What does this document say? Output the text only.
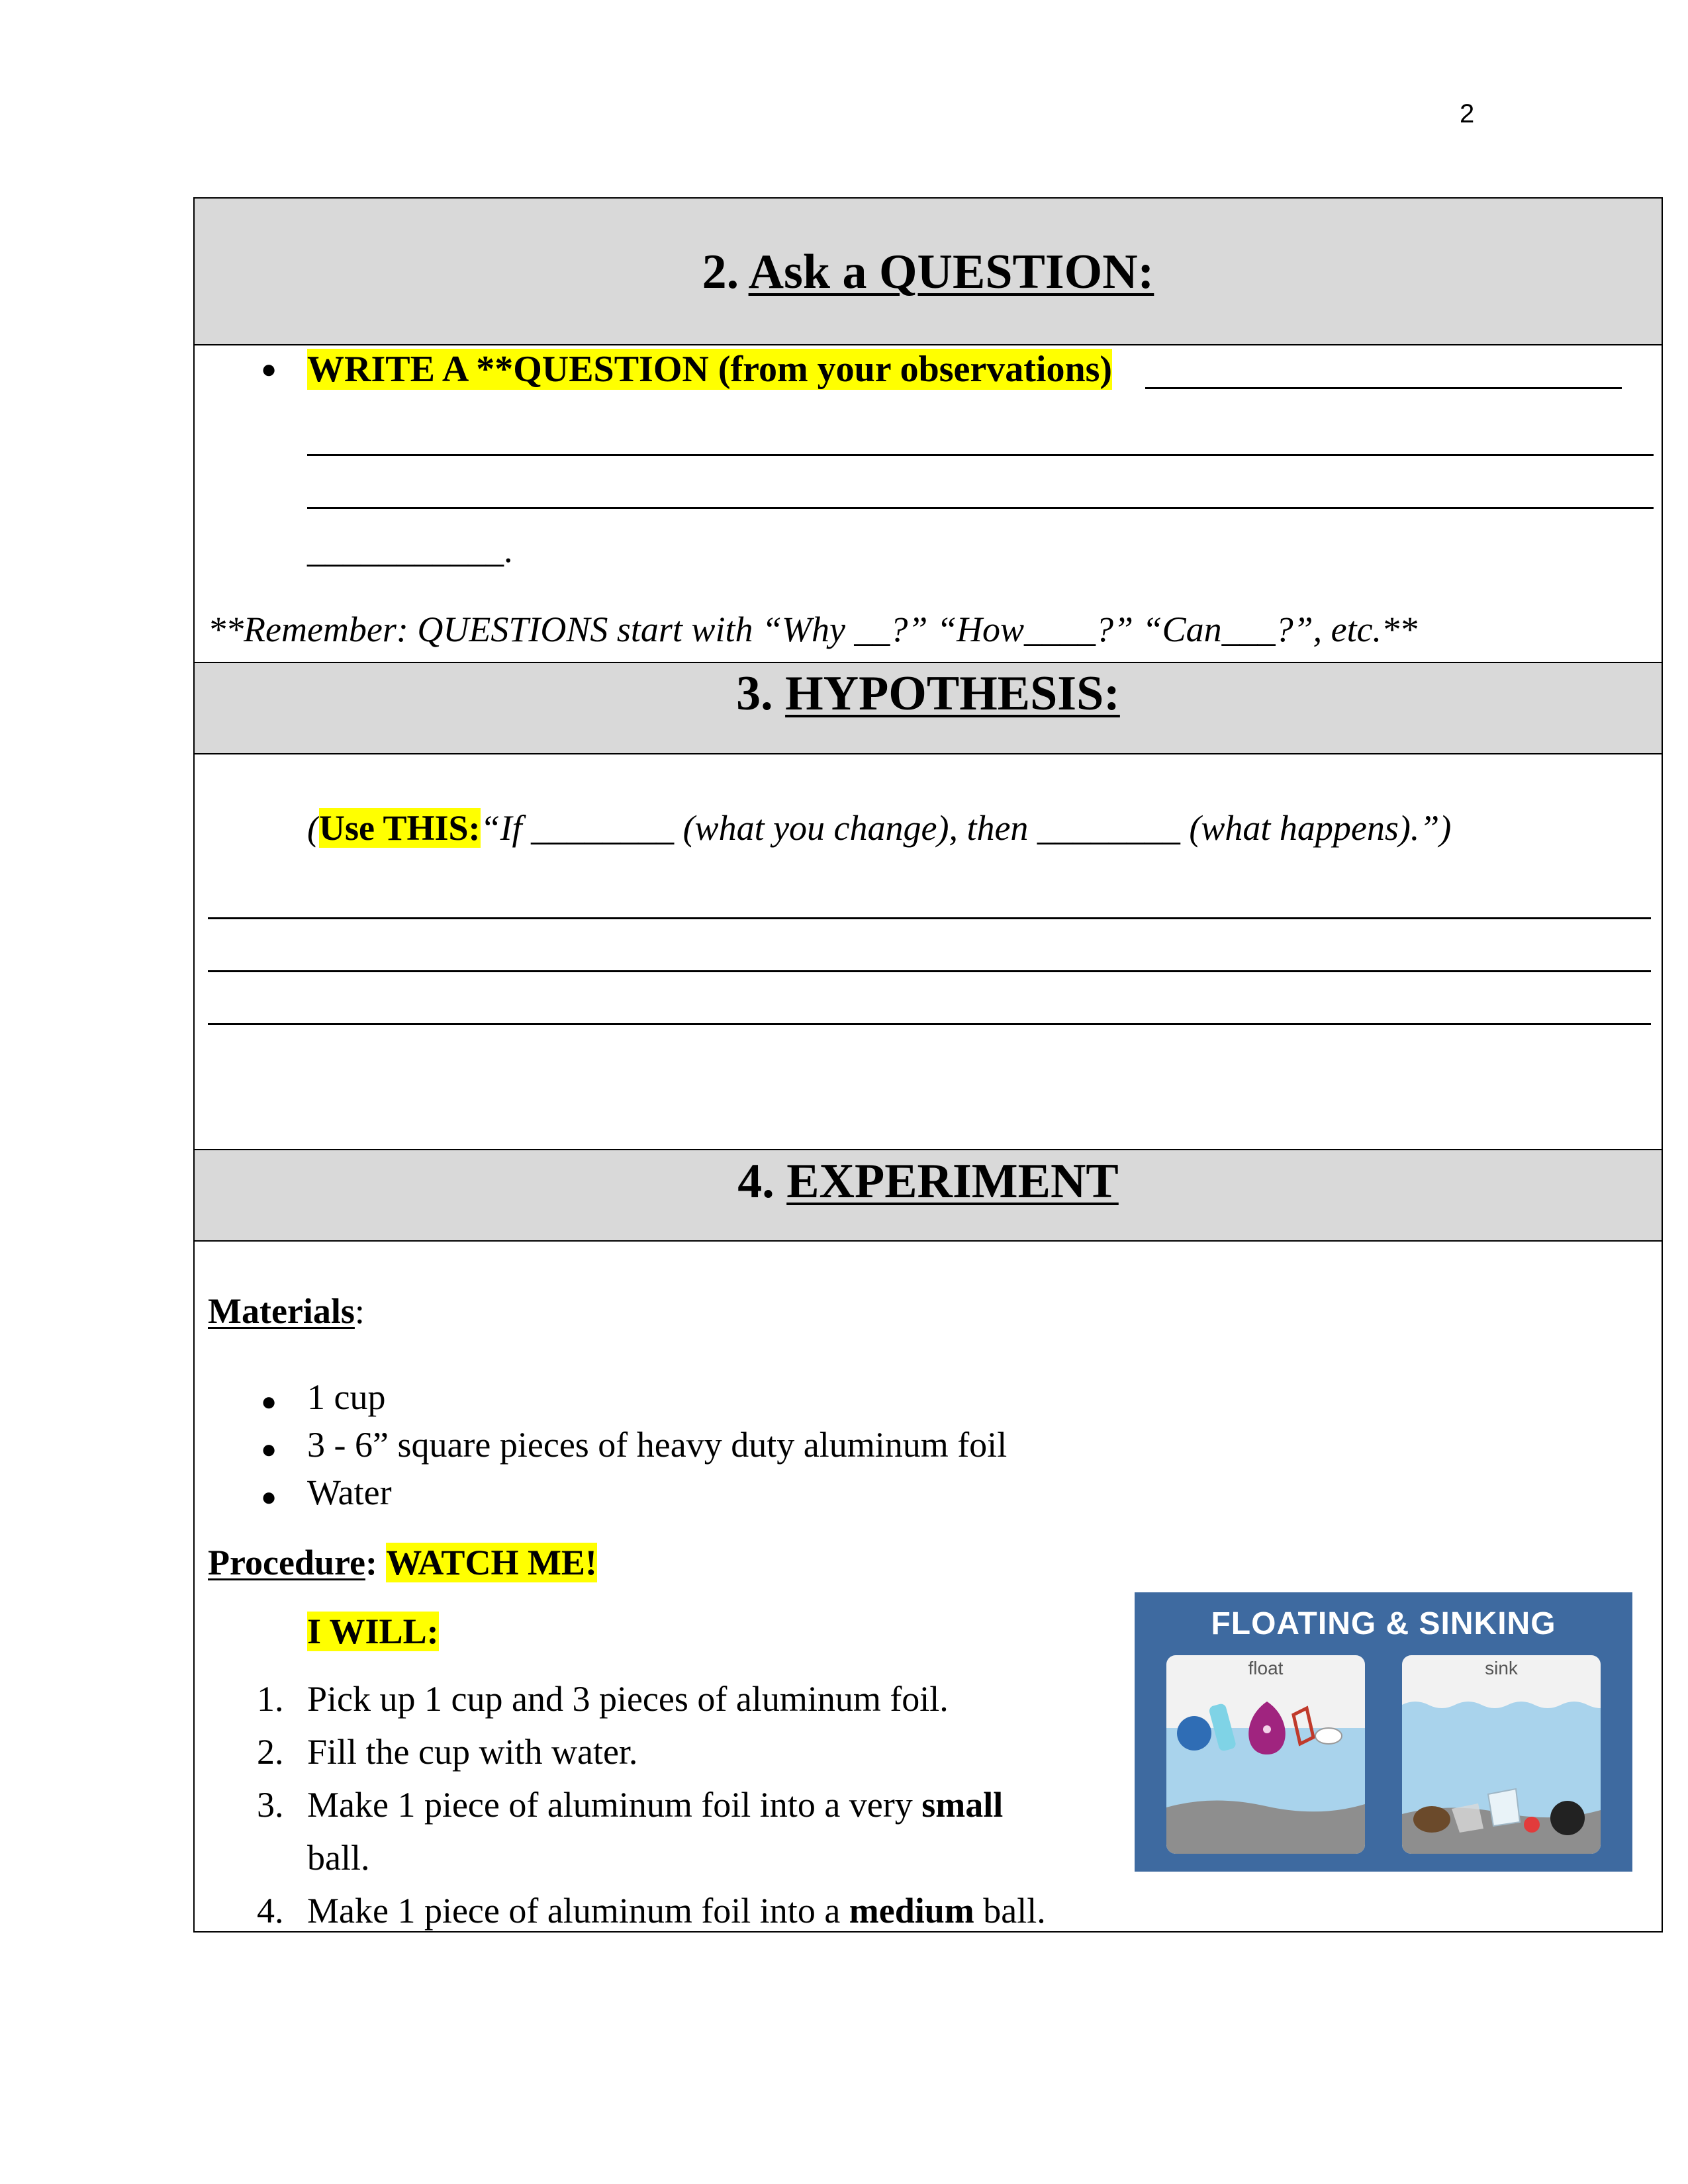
2
2. Ask a QUESTION:
● WRITE A **QUESTION (from your observations)
___________.
**Remember: QUESTIONS start with “Why __?” “How____?” “Can___?”, etc.**
3. HYPOTHESIS:
(Use THIS:“If ________ (what you change), then ________ (what happens).”)
4. EXPERIMENT
Materials:
● 1 cup
● 3 - 6” square pieces of heavy duty aluminum foil
● Water
Procedure: WATCH ME!
I WILL:
1. Pick up 1 cup and 3 pieces of aluminum foil.
2. Fill the cup with water.
3. Make 1 piece of aluminum foil into a very small
ball.
4. Make 1 piece of aluminum foil into a medium ball.
FLOATING & SINKING
float	sink
